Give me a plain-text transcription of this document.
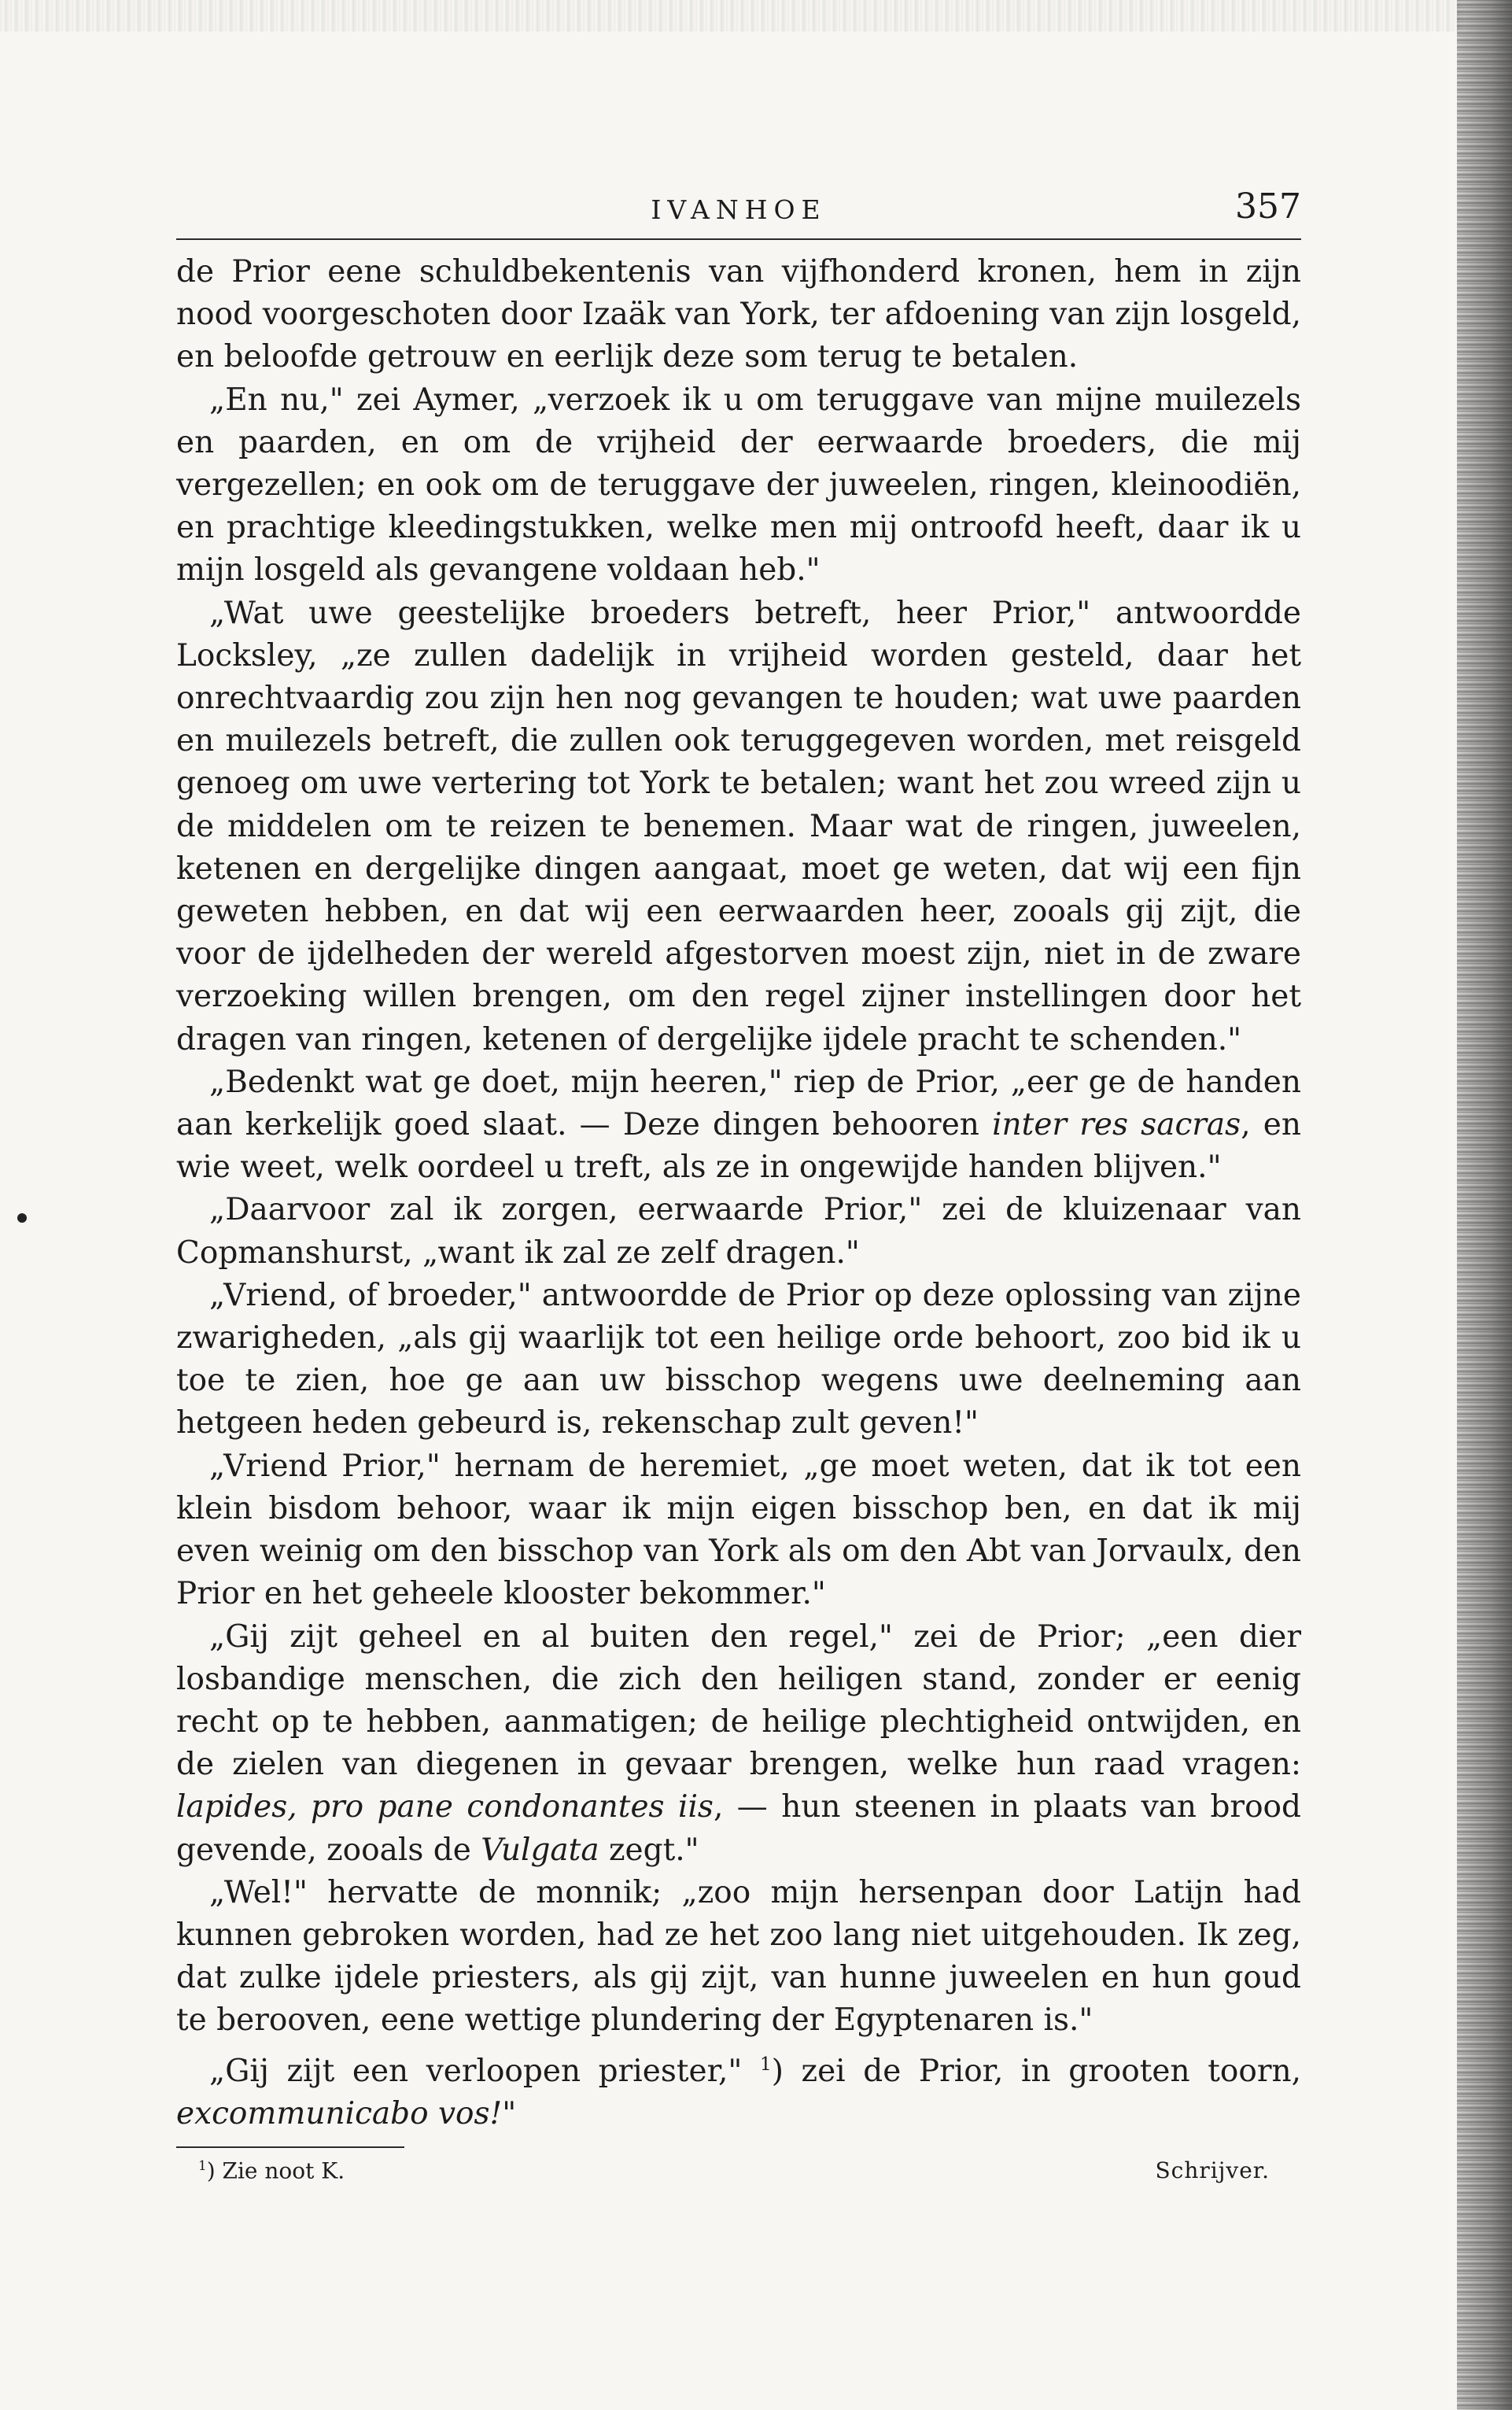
IVANHOE	357

de Prior eene schuldbekentenis van vijfhonderd kronen, hem in zijn nood voorgeschoten door Izaäk van York, ter afdoening van zijn losgeld, en beloofde getrouw en eerlijk deze som terug te betalen.

„En nu," zei Aymer, „verzoek ik u om teruggave van mijne muilezels en paarden, en om de vrijheid der eerwaarde broeders, die mij vergezellen; en ook om de teruggave der juweelen, ringen, kleinoodiën, en prachtige kleedingstukken, welke men mij ontroofd heeft, daar ik u mijn losgeld als gevangene voldaan heb."

„Wat uwe geestelijke broeders betreft, heer Prior," antwoordde Locksley, „ze zullen dadelijk in vrijheid worden gesteld, daar het onrechtvaardig zou zijn hen nog gevangen te houden; wat uwe paarden en muilezels betreft, die zullen ook teruggegeven worden, met reisgeld genoeg om uwe vertering tot York te betalen; want het zou wreed zijn u de middelen om te reizen te benemen. Maar wat de ringen, juweelen, ketenen en dergelijke dingen aangaat, moet ge weten, dat wij een fijn geweten hebben, en dat wij een eerwaarden heer, zooals gij zijt, die voor de ijdelheden der wereld afgestorven moest zijn, niet in de zware verzoeking willen brengen, om den regel zijner instellingen door het dragen van ringen, ketenen of dergelijke ijdele pracht te schenden."

„Bedenkt wat ge doet, mijn heeren," riep de Prior, „eer ge de handen aan kerkelijk goed slaat. — Deze dingen behooren inter res sacras, en wie weet, welk oordeel u treft, als ze in ongewijde handen blijven."

„Daarvoor zal ik zorgen, eerwaarde Prior," zei de kluizenaar van Copmanshurst, „want ik zal ze zelf dragen."

„Vriend, of broeder," antwoordde de Prior op deze oplossing van zijne zwarigheden, „als gij waarlijk tot een heilige orde behoort, zoo bid ik u toe te zien, hoe ge aan uw bisschop wegens uwe deelneming aan hetgeen heden gebeurd is, rekenschap zult geven!"

„Vriend Prior," hernam de heremiet, „ge moet weten, dat ik tot een klein bisdom behoor, waar ik mijn eigen bisschop ben, en dat ik mij even weinig om den bisschop van York als om den Abt van Jorvaulx, den Prior en het geheele klooster bekommer."

„Gij zijt geheel en al buiten den regel," zei de Prior; „een dier losbandige menschen, die zich den heiligen stand, zonder er eenig recht op te hebben, aanmatigen; de heilige plechtigheid ontwijden, en de zielen van diegenen in gevaar brengen, welke hun raad vragen: lapides, pro pane condonantes iis, — hun steenen in plaats van brood gevende, zooals de Vulgata zegt."

„Wel!" hervatte de monnik; „zoo mijn hersenpan door Latijn had kunnen gebroken worden, had ze het zoo lang niet uitgehouden. Ik zeg, dat zulke ijdele priesters, als gij zijt, van hunne juweelen en hun goud te berooven, eene wettige plundering der Egyptenaren is."

„Gij zijt een verloopen priester," $^1$) zei de Prior, in grooten toorn, excommunicabo vos!"

$^1$) Zie noot K.	Schrijver.
